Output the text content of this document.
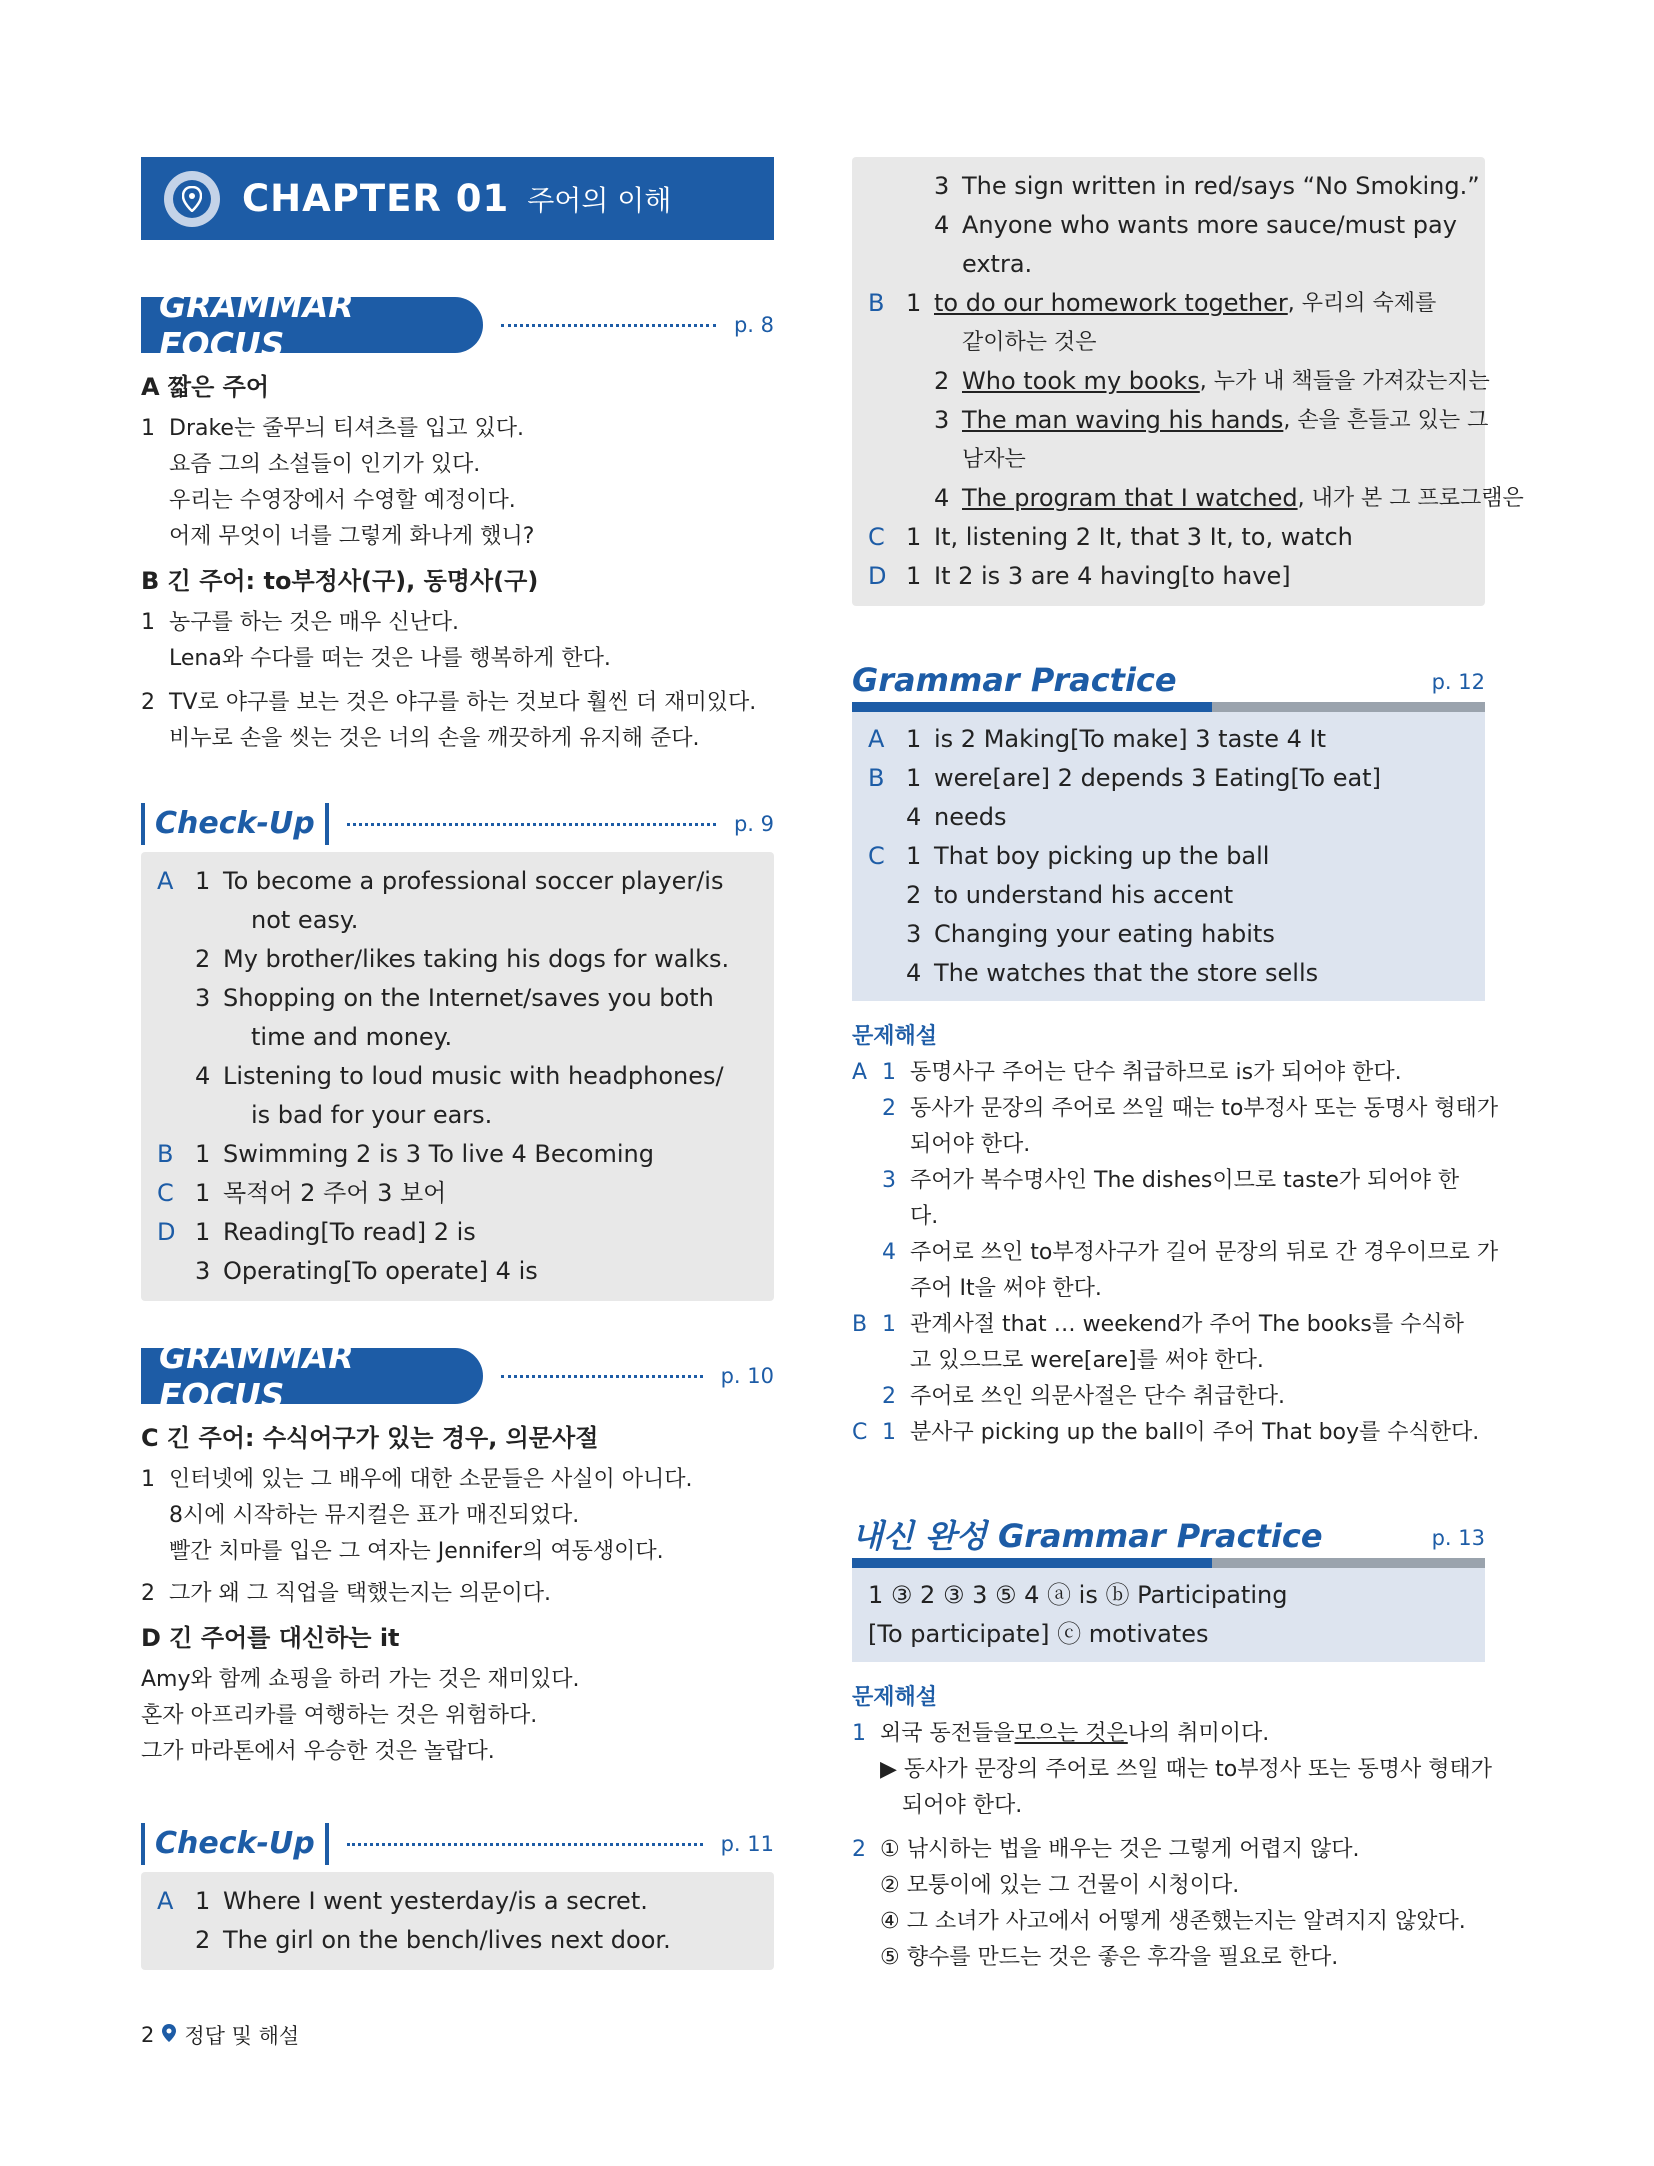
CHAPTER 01 주어의 이해
GRAMMAR FOCUS	p. 8
A 짧은 주어
1 Drake는 줄무늬 티셔츠를 입고 있다.
요즘 그의 소설들이 인기가 있다.
우리는 수영장에서 수영할 예정이다.
어제 무엇이 너를 그렇게 화나게 했니?
B 긴 주어: to부정사(구), 동명사(구)
1 농구를 하는 것은 매우 신난다.
Lena와 수다를 떠는 것은 나를 행복하게 한다.
2 TV로 야구를 보는 것은 야구를 하는 것보다 훨씬 더 재미있다.
비누로 손을 씻는 것은 너의 손을 깨끗하게 유지해 준다.
Check-Up	p. 9
A 1 To become a professional soccer player/is
not easy.
2 My brother/likes taking his dogs for walks.
3 Shopping on the Internet/saves you both
time and money.
4 Listening to loud music with headphones/
is bad for your ears.
B 1 Swimming 2 is 3 To live 4 Becoming
C 1 목적어 2 주어 3 보어
D 1 Reading[To read] 2 is
3 Operating[To operate] 4 is
GRAMMAR FOCUS	p. 10
C 긴 주어: 수식어구가 있는 경우, 의문사절
1 인터넷에 있는 그 배우에 대한 소문들은 사실이 아니다.
8시에 시작하는 뮤지컬은 표가 매진되었다.
빨간 치마를 입은 그 여자는 Jennifer의 여동생이다.
2 그가 왜 그 직업을 택했는지는 의문이다.
D 긴 주어를 대신하는 it
Amy와 함께 쇼핑을 하러 가는 것은 재미있다.
혼자 아프리카를 여행하는 것은 위험하다.
그가 마라톤에서 우승한 것은 놀랍다.
Check-Up	p. 11
A 1 Where I went yesterday/is a secret.
2 The girl on the bench/lives next door.
3 The sign written in red/says “No Smoking.”
4 Anyone who wants more sauce/must pay
extra.
B 1 to do our homework together , 우리의 숙제를
같이하는 것은
2 Who took my books , 누가 내 책들을 가져갔는지는
3 The man waving his hands , 손을 흔들고 있는 그
남자는
4 The program that I watched , 내가 본 그 프로그램은
C 1 It, listening 2 It, that 3 It, to, watch
D 1 It 2 is 3 are 4 having[to have]
Grammar Practice	p. 12
A 1 is 2 Making[To make] 3 taste 4 It
B 1 were[are] 2 depends 3 Eating[To eat]
4 needs
C 1 That boy picking up the ball
2 to understand his accent
3 Changing your eating habits
4 The watches that the store sells
문제해설
A 1 동명사구 주어는 단수 취급하므로 is가 되어야 한다.
2 동사가 문장의 주어로 쓰일 때는 to부정사 또는 동명사 형태가
되어야 한다.
3 주어가 복수명사인 The dishes이므로 taste가 되어야 한
다.
4 주어로 쓰인 to부정사구가 길어 문장의 뒤로 간 경우이므로 가
주어 It을 써야 한다.
B 1 관계사절 that … weekend가 주어 The books를 수식하
고 있으므로 were[are]를 써야 한다.
2 주어로 쓰인 의문사절은 단수 취급한다.
C 1 분사구 picking up the ball이 주어 That boy를 수식한다.
내신 완성 Grammar Practice	p. 13
1 ③ 2 ③ 3 ⑤ 4 ⓐ is ⓑ Participating
[To participate] ⓒ motivates
문제해설
1 외국 동전들을 모으는 것은 나의 취미이다.
▶ 동사가 문장의 주어로 쓰일 때는 to부정사 또는 동명사 형태가
되어야 한다.
2 ① 낚시하는 법을 배우는 것은 그렇게 어렵지 않다.
② 모퉁이에 있는 그 건물이 시청이다.
④ 그 소녀가 사고에서 어떻게 생존했는지는 알려지지 않았다.
⑤ 향수를 만드는 것은 좋은 후각을 필요로 한다.
2 정답 및 해설
